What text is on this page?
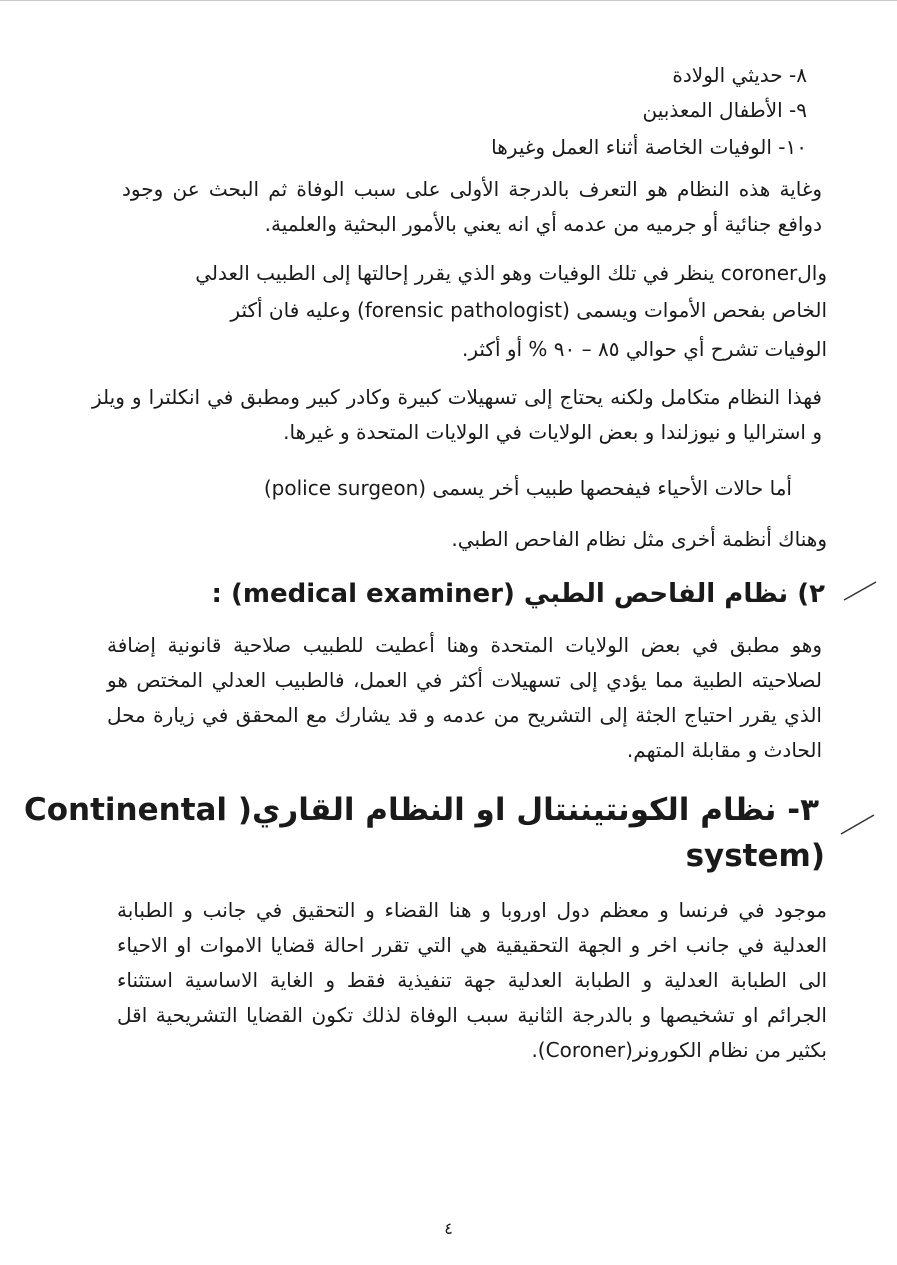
٨- حديثي الولادة
٩- الأطفال المعذبين
١٠- الوفيات الخاصة أثناء العمل وغيرها
وغاية هذه النظام هو التعرف بالدرجة الأولى على سبب الوفاة ثم البحث عن وجود دوافع جنائية أو جرميه من عدمه أي انه يعني بالأمور البحثية والعلمية.
والcoroner ينظر في تلك الوفيات وهو الذي يقرر إحالتها إلى الطبيب العدلي
الخاص بفحص الأموات ويسمى (forensic pathologist) وعليه فان أكثر
الوفيات تشرح أي حوالي ٨٥ – ٩٠ % أو أكثر.
فهذا النظام متكامل ولكنه يحتاج إلى تسهيلات كبيرة وكادر كبير ومطبق في انكلترا و ويلز و استراليا و نيوزلندا و بعض الولايات في الولايات المتحدة و غيرها.
أما حالات الأحياء فيفحصها طبيب أخر يسمى (police surgeon)
وهناك أنظمة أخرى مثل نظام الفاحص الطبي.
٢) نظام الفاحص الطبي (medical examiner) :
وهو مطبق في بعض الولايات المتحدة وهنا أعطيت للطبيب صلاحية قانونية إضافة لصلاحيته الطبية مما يؤدي إلى تسهيلات أكثر في العمل، فالطبيب العدلي المختص هو الذي يقرر احتياج الجثة إلى التشريح من عدمه و قد يشارك مع المحقق في زيارة محل الحادث و مقابلة المتهم.
٣- نظام الكونتيننتال او النظام القاري( Continental
(system
موجود في فرنسا و معظم دول اوروبا و هنا القضاء و التحقيق في جانب و الطبابة العدلية في جانب اخر و الجهة التحقيقية هي التي تقرر احالة قضايا الاموات او الاحياء الى الطبابة العدلية و الطبابة العدلية جهة تنفيذية فقط و الغاية الاساسية استثناء الجرائم او تشخيصها و بالدرجة الثانية سبب الوفاة لذلك تكون القضايا التشريحية اقل بكثير من نظام الكورونر(Coroner).
٤
